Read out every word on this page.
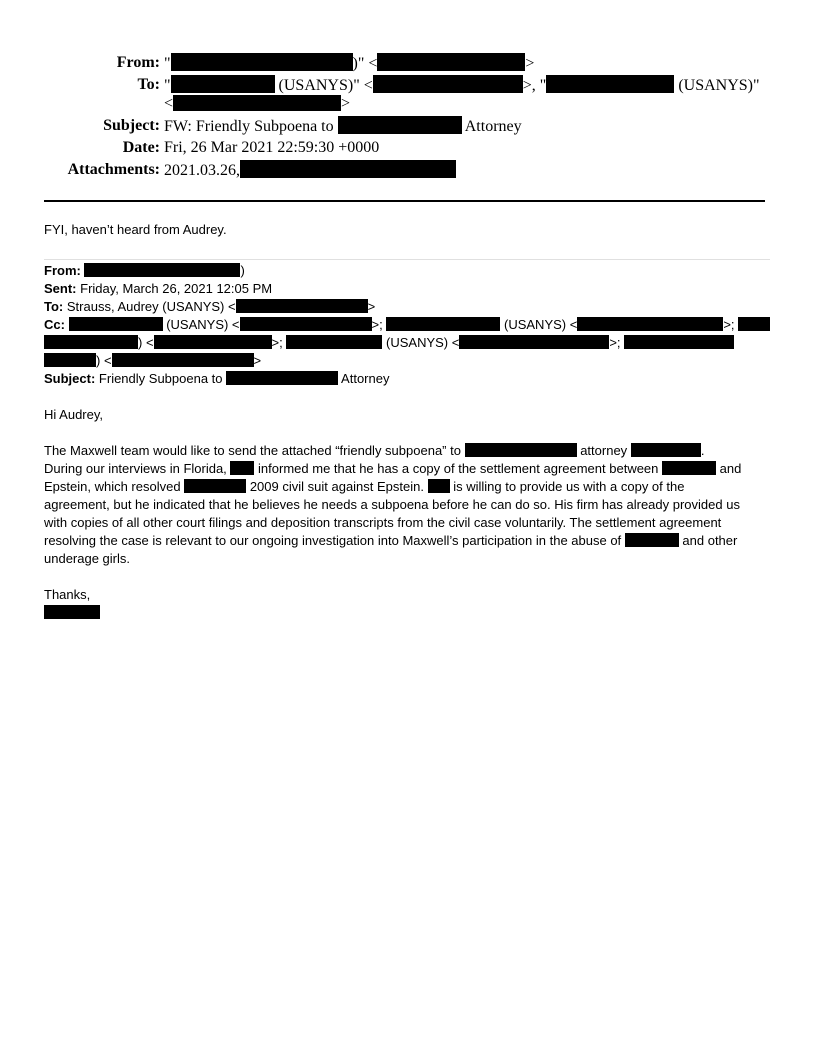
From: "	)" <	>
To: "	(USANYS)" <	>, "	(USANYS)"
<	>
Subject: FW: Friendly Subpoena to	Attorney
Date: Fri, 26 Mar 2021 22:59:30 +0000
Attachments: 2021.03.26,
FYI, haven’t heard from Audrey.
From:	)
Sent: Friday, March 26, 2021 12:05 PM
To: Strauss, Audrey (USANYS) <	>
Cc:	(USANYS) <	>;	(USANYS) <	>;
) <	>;	(USANYS) <	>;
) <	>
Subject: Friendly Subpoena to	Attorney
Hi Audrey,
The Maxwell team would like to send the attached “friendly subpoena” to	attorney	.
During our interviews in Florida, informed me that he has a copy of the settlement agreement between	and
Epstein, which resolved	2009 civil suit against Epstein. is willing to provide us with a copy of the
agreement, but he indicated that he believes he needs a subpoena before he can do so. His firm has already provided us
with copies of all other court filings and deposition transcripts from the civil case voluntarily. The settlement agreement
resolving the case is relevant to our ongoing investigation into Maxwell’s participation in the abuse of	and other
underage girls.
Thanks,
